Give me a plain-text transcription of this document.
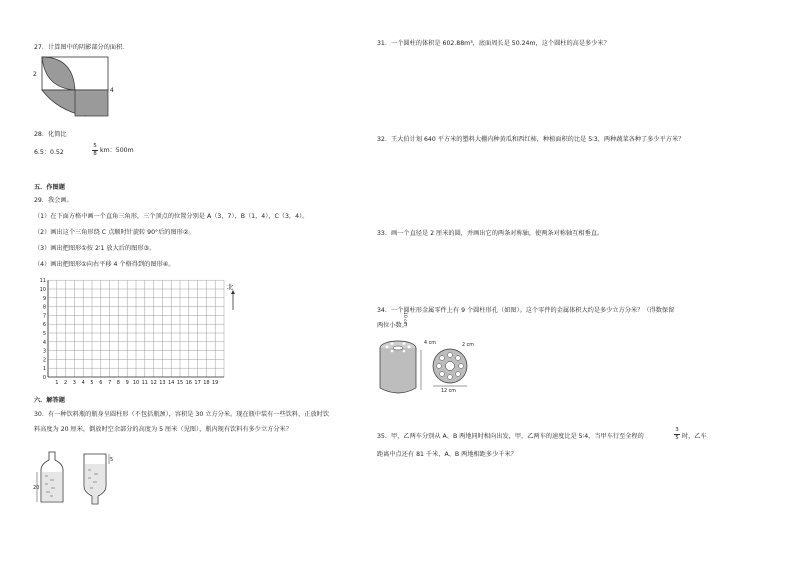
27．计算图中的阴影部分的面积．
2
4
28．化简比
6.5：0.52
5
8 km：500m
五．作图题
29．我会画。
（1）在下面方格中画一个直角三角形，三个顶点的位置分别是 A（3，7），B（1，4），C（3，4）。
（2）画出这个三角形绕 C 点顺时针旋转 90°后的图形②。
（3）画出把图形①按 2∶1 放大后的图形③。
（4）画出把图形①向右平移 4 个格得到的图形④。
1 2 3 4 5 6 7 8 9 10 11 12 13 14 15 16 17 18 19
0
1
2
3
4
5
6
7
8
9
10
11
北
六．解答题
30．有一种饮料瓶的瓶身呈圆柱形（不包括瓶颈），容积是 30 立方分米。现在瓶中装有一些饮料，正放时饮
料高度为 20 厘米，倒放时空余部分的高度为 5 厘米（见图），瓶内现有饮料有多少立方分米？
20
5
31．一个圆柱的体积是 602.88m³，底面周长是 50.24m，这个圆柱的高是多少米？
32．王大伯计划 640 平方米的塑料大棚内种黄瓜和西红柿，种植面积的比是 5∶3，两种蔬菜各种了多少平方米？
33．画一个直径是 2 厘米的圆，并画出它的两条对称轴，使两条对称轴互相垂直。
34．一个圆柱形金属零件上有 9 个圆柱形孔（如图）。这个零件的金属体积大约是多少立方分米？（得数保留
两位小数。）
10 cm
4 cm	2 cm
12 cm
35．甲、乙两车分别从 A、B 两地同时相向出发，甲、乙两车的速度比是 5∶4，当甲车行至全程的
3
5 时，乙车
距离中点还有 81 千米，A、B 两地相距多少千米？
